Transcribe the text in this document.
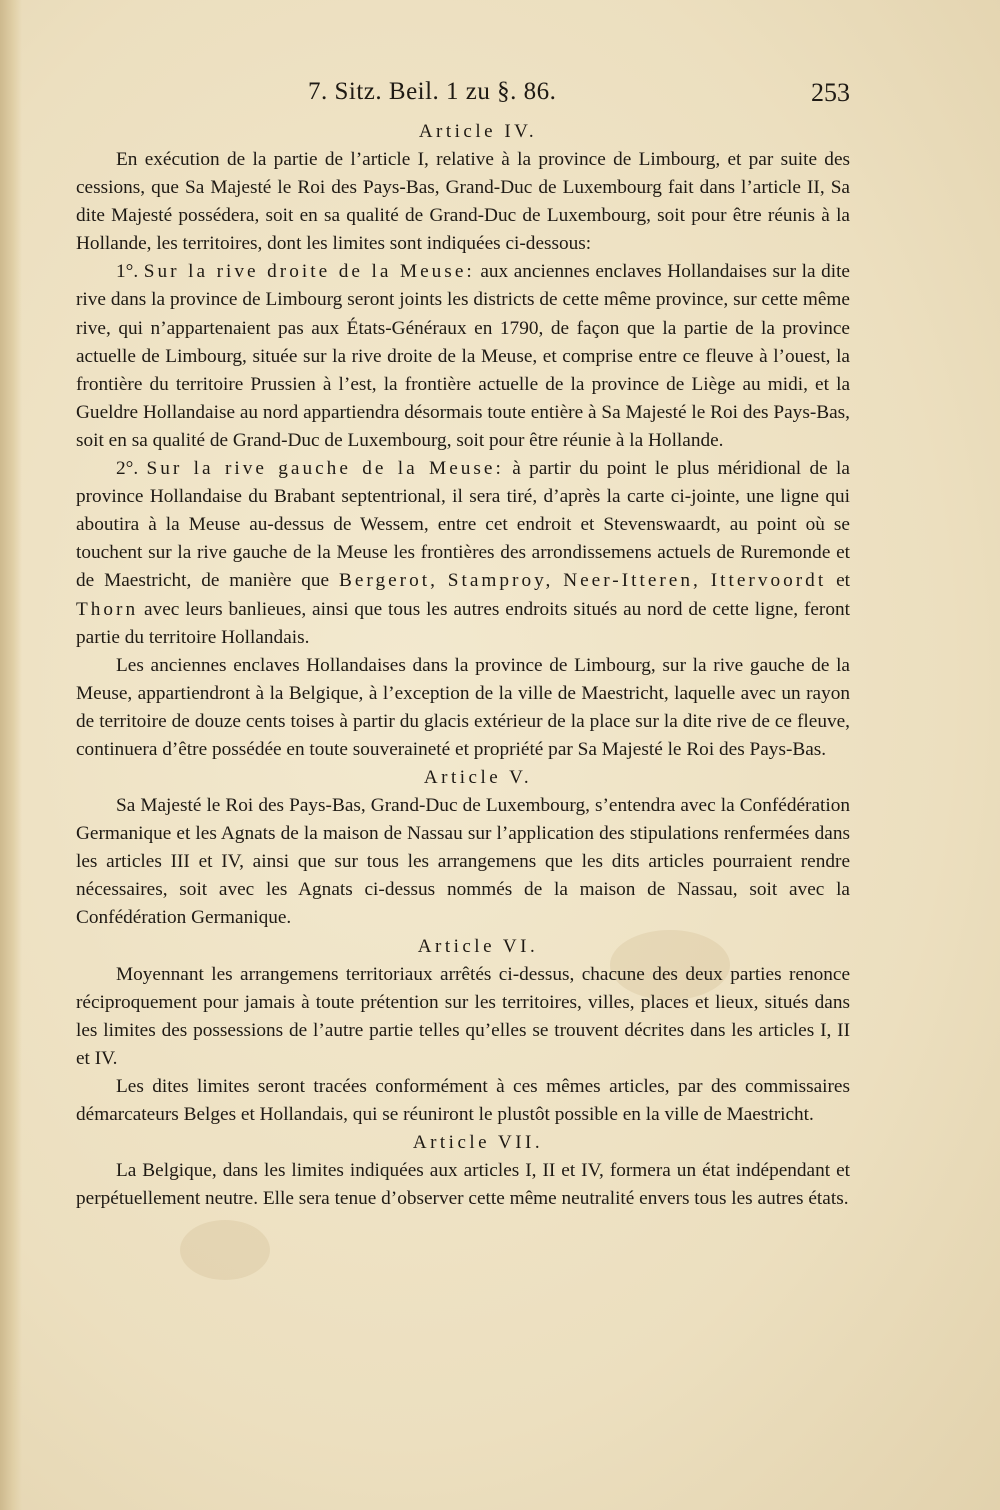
7. Sitz. Beil. 1 zu §. 86.	253
Article IV.

En exécution de la partie de l’article I, relative à la province de Limbourg, et par suite des cessions, que Sa Majesté le Roi des Pays-Bas, Grand-Duc de Luxembourg fait dans l’article II, Sa dite Majesté possédera, soit en sa qualité de Grand-Duc de Luxembourg, soit pour être réunis à la Hollande, les territoires, dont les limites sont indiquées ci-dessous:

1°. Sur la rive droite de la Meuse: aux anciennes enclaves Hollandaises sur la dite rive dans la province de Limbourg seront joints les districts de cette même province, sur cette même rive, qui n’appartenaient pas aux États-Généraux en 1790, de façon que la partie de la province actuelle de Limbourg, située sur la rive droite de la Meuse, et comprise entre ce fleuve à l’ouest, la frontière du territoire Prussien à l’est, la frontière actuelle de la province de Liège au midi, et la Gueldre Hollandaise au nord appartiendra désormais toute entière à Sa Majesté le Roi des Pays-Bas, soit en sa qualité de Grand-Duc de Luxembourg, soit pour être réunie à la Hollande.

2°. Sur la rive gauche de la Meuse: à partir du point le plus méridional de la province Hollandaise du Brabant septentrional, il sera tiré, d’après la carte ci-jointe, une ligne qui aboutira à la Meuse au-dessus de Wessem, entre cet endroit et Stevenswaardt, au point où se touchent sur la rive gauche de la Meuse les frontières des arrondissemens actuels de Ruremonde et de Maestricht, de manière que Bergerot, Stamproy, Neer-Itteren, Ittervoordt et Thorn avec leurs banlieues, ainsi que tous les autres endroits situés au nord de cette ligne, feront partie du territoire Hollandais.

Les anciennes enclaves Hollandaises dans la province de Limbourg, sur la rive gauche de la Meuse, appartiendront à la Belgique, à l’exception de la ville de Maestricht, laquelle avec un rayon de territoire de douze cents toises à partir du glacis extérieur de la place sur la dite rive de ce fleuve, continuera d’être possédée en toute souveraineté et propriété par Sa Majesté le Roi des Pays-Bas.

Article V.

Sa Majesté le Roi des Pays-Bas, Grand-Duc de Luxembourg, s’entendra avec la Confédération Germanique et les Agnats de la maison de Nassau sur l’application des stipulations renfermées dans les articles III et IV, ainsi que sur tous les arrangemens que les dits articles pourraient rendre nécessaires, soit avec les Agnats ci-dessus nommés de la maison de Nassau, soit avec la Confédération Germanique.

Article VI.

Moyennant les arrangemens territoriaux arrêtés ci-dessus, chacune des deux parties renonce réciproquement pour jamais à toute prétention sur les territoires, villes, places et lieux, situés dans les limites des possessions de l’autre partie telles qu’elles se trouvent décrites dans les articles I, II et IV.

Les dites limites seront tracées conformément à ces mêmes articles, par des commissaires démarcateurs Belges et Hollandais, qui se réuniront le plustôt possible en la ville de Maestricht.

Article VII.

La Belgique, dans les limites indiquées aux articles I, II et IV, formera un état indépendant et perpétuellement neutre. Elle sera tenue d’observer cette même neutralité envers tous les autres états.
